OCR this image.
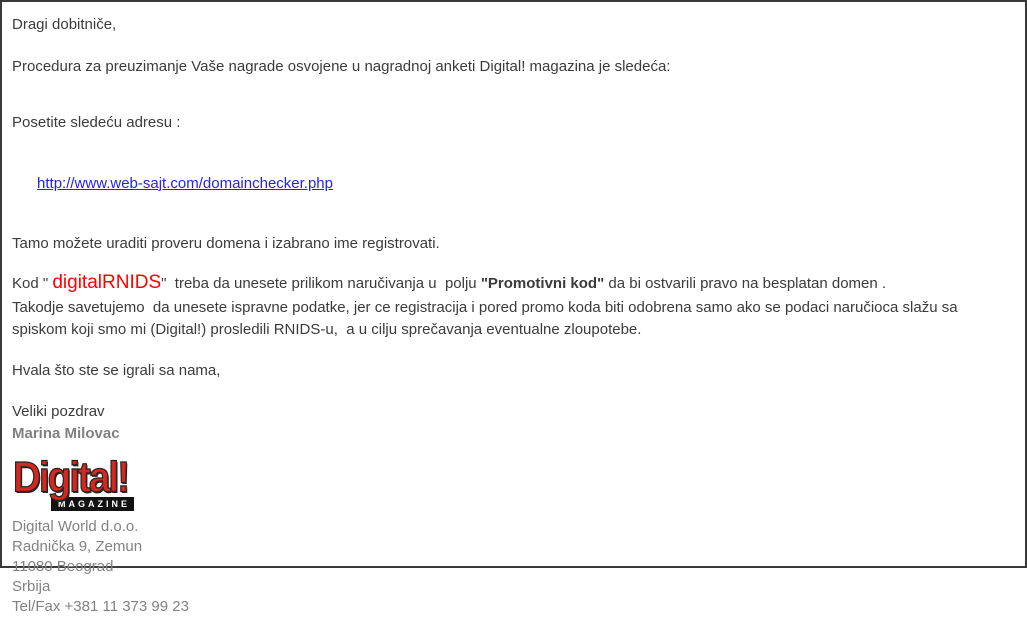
Dragi dobitniče,

Procedura za preuzimanje Vaše nagrade osvojene u nagradnoj anketi Digital! magazina je sledeća:

Posetite sledeću adresu :

http://www.web-sajt.com/domainchecker.php

Tamo možete uraditi proveru domena i izabrano ime registrovati.

Kod " digitalRNIDS"  treba da unesete prilikom naručivanja u  polju "Promotivni kod" da bi ostvarili pravo na besplatan domen .
Takodje savetujemo  da unesete ispravne podatke, jer ce registracija i pored promo koda biti odobrena samo ako se podaci naručioca slažu sa spiskom koji smo mi (Digital!) prosledili RNIDS-u,  a u cilju sprečavanja eventualne zloupotebe.

Hvala što ste se igrali sa nama,

Veliki pozdrav
Marina Milovac

Digital!
MAGAZINE
Digital World d.o.o.
Radnička 9, Zemun
11080 Beograd
Srbija
Tel/Fax +381 11 373 99 23
